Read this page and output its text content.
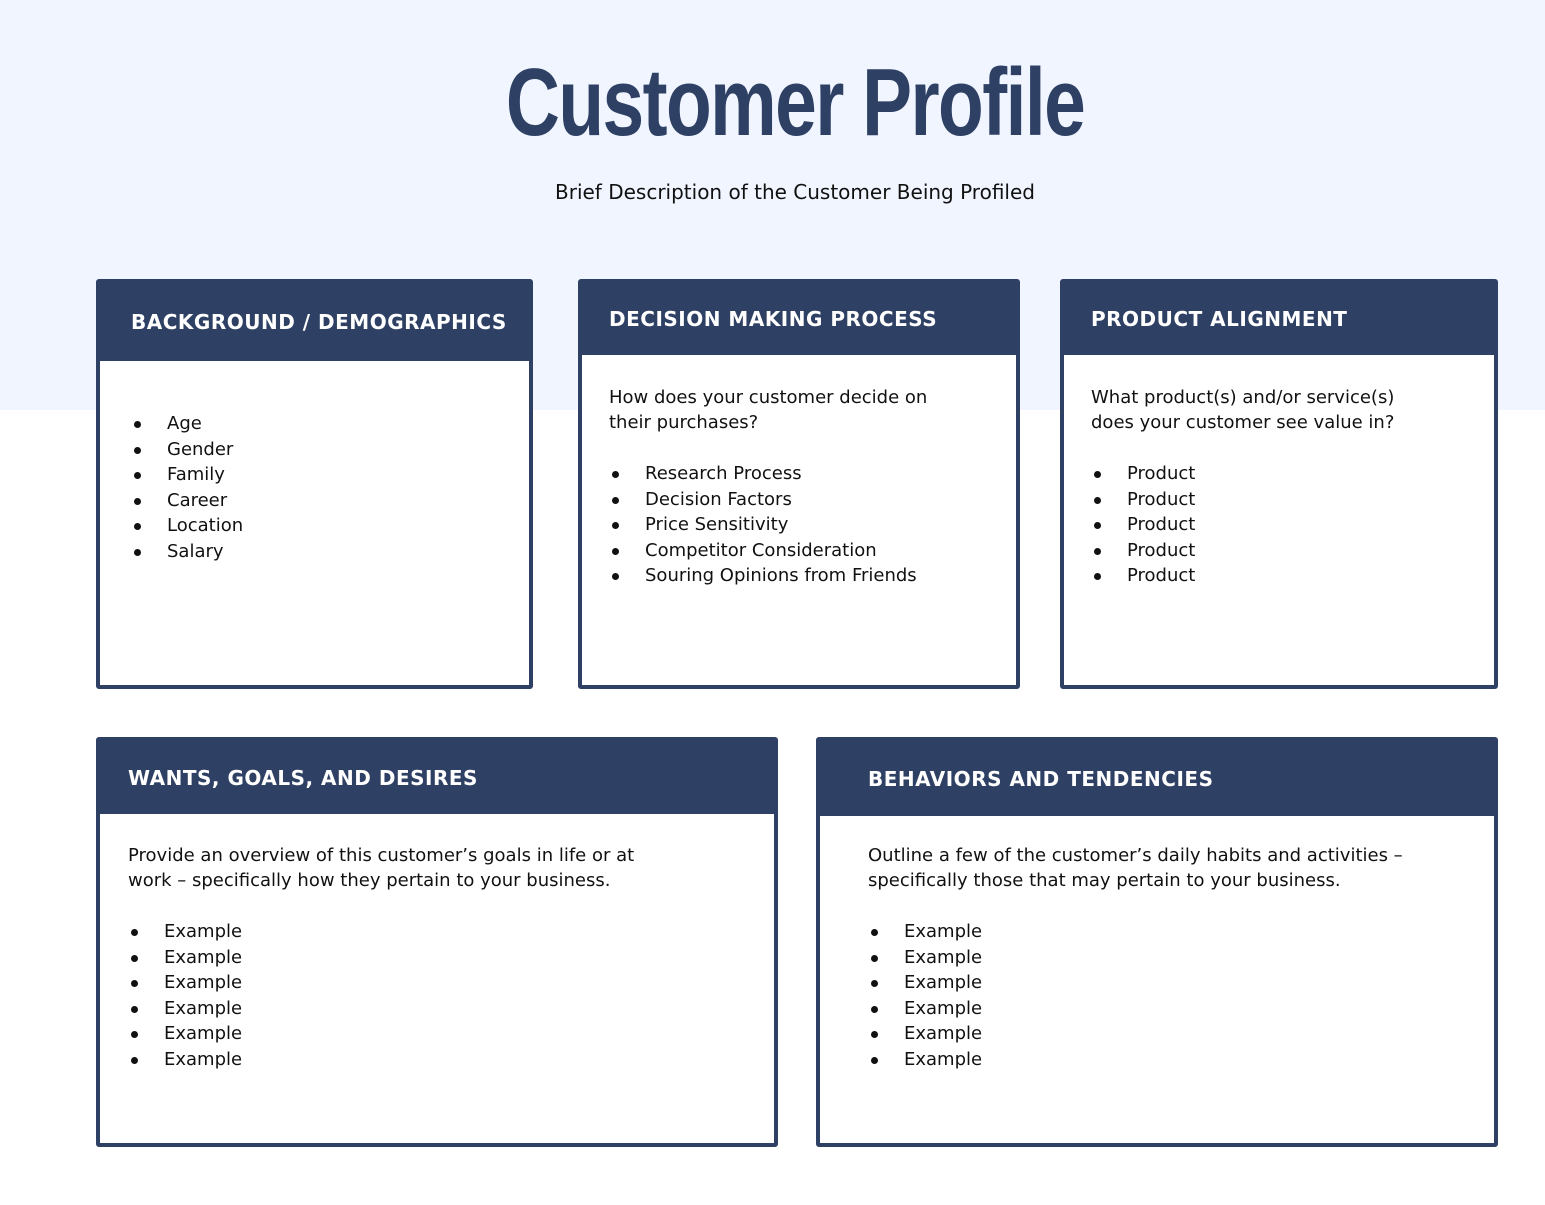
Customer Profile
Brief Description of the Customer Being Profiled
BACKGROUND / DEMOGRAPHICS
Age
Gender
Family
Career
Location
Salary
DECISION MAKING PROCESS

How does your customer decide on their purchases?

Research Process
Decision Factors
Price Sensitivity
Competitor Consideration
Souring Opinions from Friends
PRODUCT ALIGNMENT

What product(s) and/or service(s) does your customer see value in?

Product
Product
Product
Product
Product
WANTS, GOALS, AND DESIRES

Provide an overview of this customer’s goals in life or at work – specifically how they pertain to your business.

Example
Example
Example
Example
Example
Example
BEHAVIORS AND TENDENCIES

Outline a few of the customer’s daily habits and activities – specifically those that may pertain to your business.

Example
Example
Example
Example
Example
Example
